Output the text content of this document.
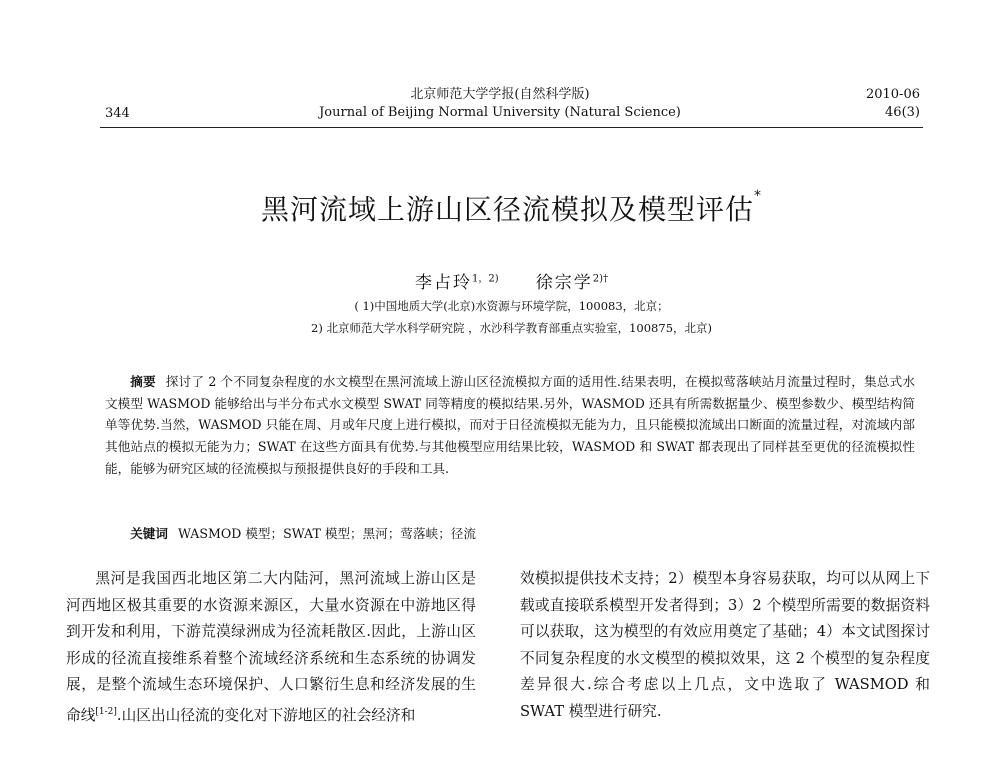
344
北京师范大学学报(自然科学版)
Journal of Beijing Normal University (Natural Science)
2010-06
46(3)
黑河流域上游山区径流模拟及模型评估*
李占玲$^{1,2)}$ 徐宗学$^{2)\dagger}$
( 1)中国地质大学(北京)水资源与环境学院，100083，北京；
2) 北京师范大学水科学研究院 ，水沙科学教育部重点实验室，100875，北京)
摘要 探讨了 2 个不同复杂程度的水文模型在黑河流域上游山区径流模拟方面的适用性.结果表明，在模拟莺落峡站月流量过程时，集总式水文模型 WASMOD 能够给出与半分布式水文模型 SWAT 同等精度的模拟结果.另外，WASMOD 还具有所需数据量少、模型参数少、模型结构简单等优势.当然，WASMOD 只能在周、月或年尺度上进行模拟，而对于日径流模拟无能为力，且只能模拟流域出口断面的流量过程，对流域内部其他站点的模拟无能为力；SWAT 在这些方面具有优势.与其他模型应用结果比较，WASMOD 和 SWAT 都表现出了同样甚至更优的径流模拟性能，能够为研究区域的径流模拟与预报提供良好的手段和工具.
关键词 WASMOD 模型；SWAT 模型；黑河；莺落峡；径流
黑河是我国西北地区第二大内陆河，黑河流域上游山区是河西地区极其重要的水资源来源区，大量水资源在中游地区得到开发和利用，下游荒漠绿洲成为径流耗散区.因此，上游山区形成的径流直接维系着整个流域经济系统和生态系统的协调发展，是整个流域生态环境保护、人口繁衍生息和经济发展的生命线[1-2].山区出山径流的变化对下游地区的社会经济和
效模拟提供技术支持；2）模型本身容易获取，均可以从网上下载或直接联系模型开发者得到；3）2 个模型所需要的数据资料可以获取，这为模型的有效应用奠定了基础；4）本文试图探讨不同复杂程度的水文模型的模拟效果，这 2 个模型的复杂程度差异很大.综合考虑以上几点，文中选取了 WASMOD 和 SWAT 模型进行研究.
